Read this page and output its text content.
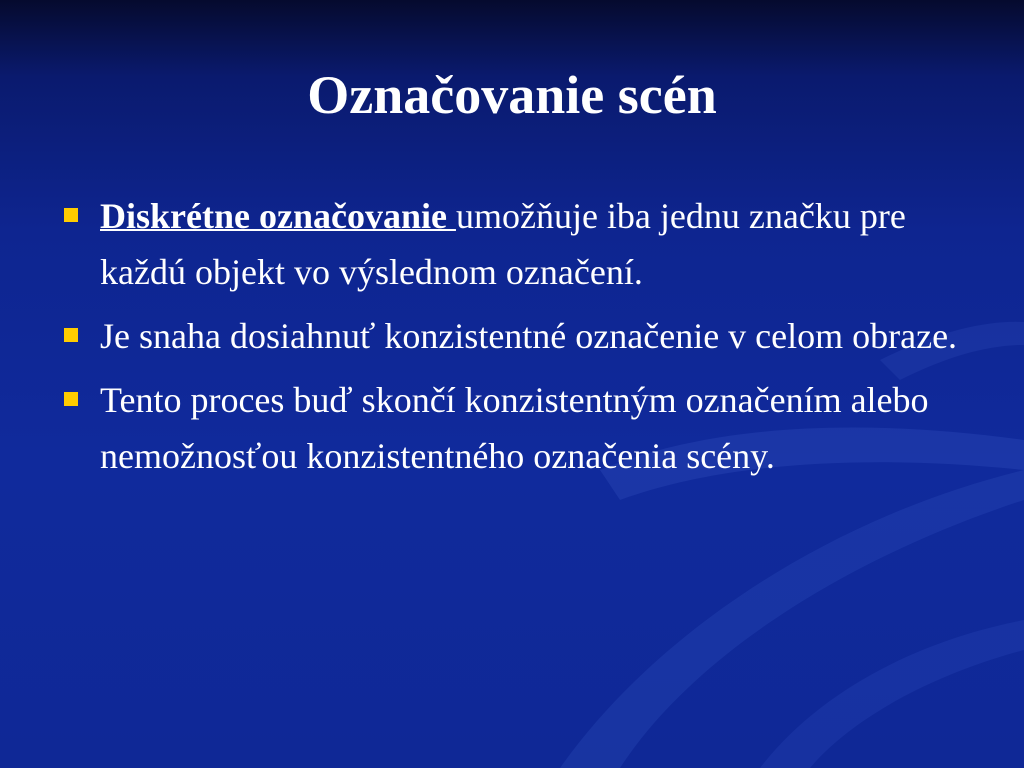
Označovanie scén
Diskrétne označovanie umožňuje iba jednu značku pre každú objekt vo výslednom označení.
Je snaha dosiahnuť konzistentné označenie v celom obraze.
Tento proces buď skončí konzistentným označením alebo nemožnosťou konzistentného označenia scény.
